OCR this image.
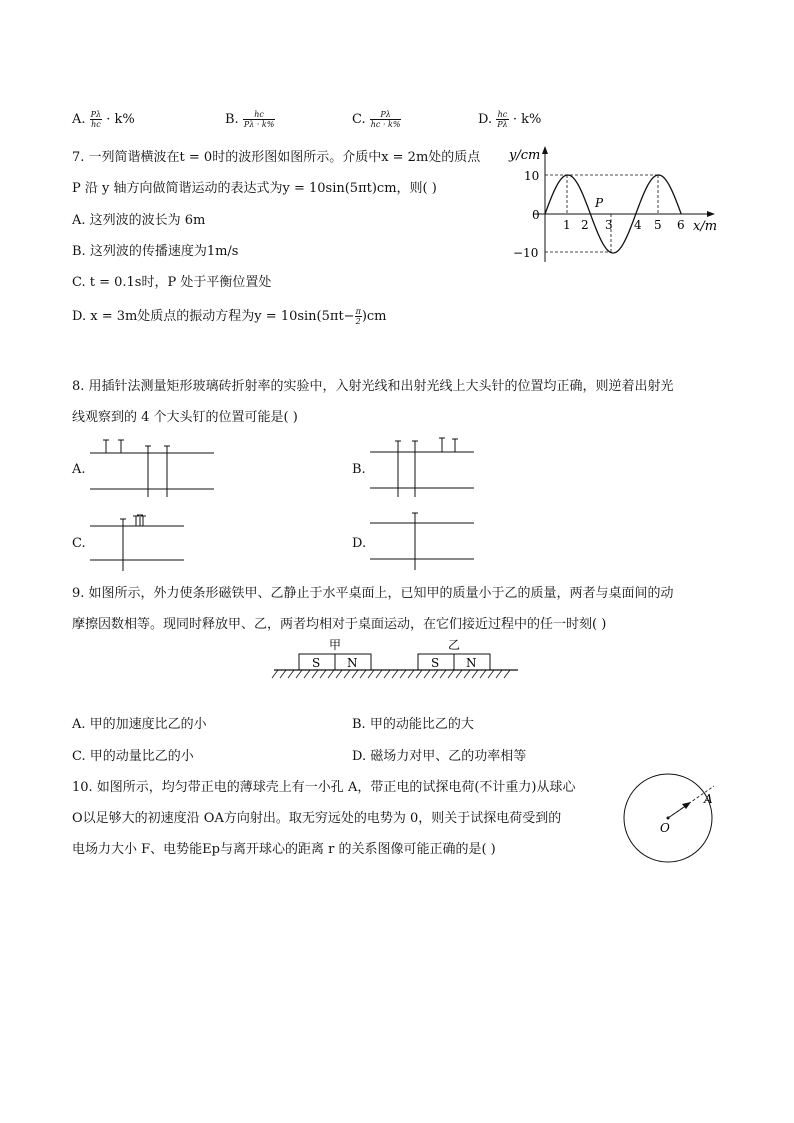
A. $\frac{P\lambda}{hc} \cdot k\%$	B. $\frac{hc}{P\lambda \cdot k\%}$	C. $\frac{P\lambda}{hc \cdot k\%}$	D. $\frac{hc}{P\lambda} \cdot k\%$
7. 一列简谐横波在t = 0时的波形图如图所示。介质中x = 2m处的质点
P 沿 y 轴方向做简谐运动的表达式为y = 10sin(5πt)cm，则( )
A. 这列波的波长为 6m
B. 这列波的传播速度为1m/s
C. t = 0.1s时，P 处于平衡位置处
D. x = 3m处质点的振动方程为$y = 10\sin(5\pi t- \frac{\pi}{2} )cm$
y/cm
x/m
10
−10
0
P
1 2 3 4 5 6
8. 用插针法测量矩形玻璃砖折射率的实验中，入射光线和出射光线上大头针的位置均正确，则逆着出射光
线观察到的 4 个大头钉的位置可能是( )
A.	B.
C.	D.
9. 如图所示，外力使条形磁铁甲、乙静止于水平桌面上，已知甲的质量小于乙的质量，两者与桌面间的动
摩擦因数相等。现同时释放甲、乙，两者均相对于桌面运动，在它们接近过程中的任一时刻( )
S N
甲
S N
乙
A. 甲的加速度比乙的小	B. 甲的动能比乙的大
C. 甲的动量比乙的小	D. 磁场力对甲、乙的功率相等
10. 如图所示，均匀带正电的薄球壳上有一小孔 A，带正电的试探电荷(不计重力)从球心
O以足够大的初速度沿 OA方向射出。取无穷远处的电势为 0，则关于试探电荷受到的
电场力大小 F、电势能Ep与离开球心的距离 r 的关系图像可能正确的是( )
A
O
